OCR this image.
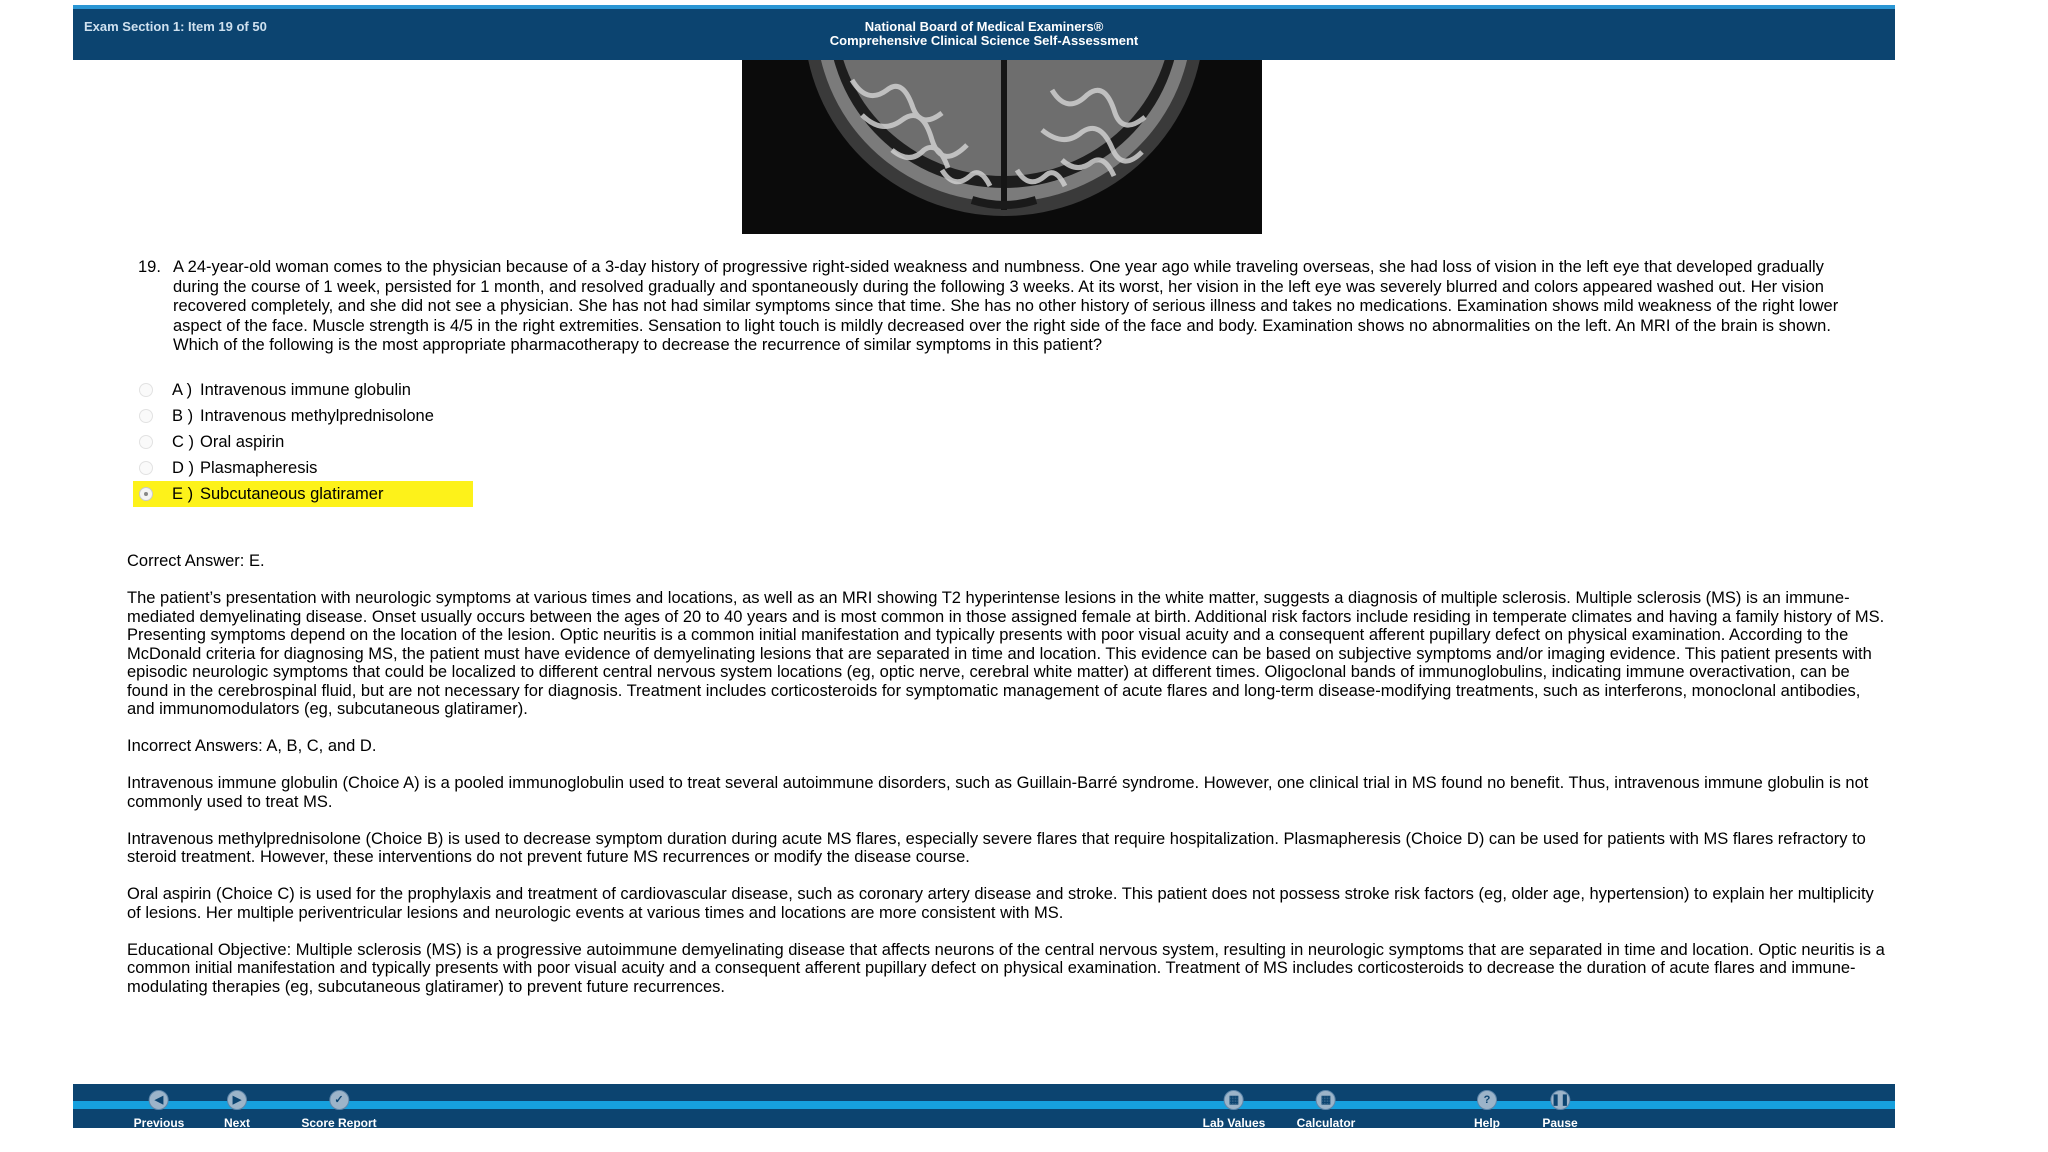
Exam Section 1: Item 19 of 50	National Board of Medical Examiners®
Comprehensive Clinical Science Self-Assessment
19. A 24-year-old woman comes to the physician because of a 3-day history of progressive right-sided weakness and numbness. One year ago while traveling overseas, she had loss of vision in the left eye that developed gradually during the course of 1 week, persisted for 1 month, and resolved gradually and spontaneously during the following 3 weeks. At its worst, her vision in the left eye was severely blurred and colors appeared washed out. Her vision recovered completely, and she did not see a physician. She has not had similar symptoms since that time. She has no other history of serious illness and takes no medications. Examination shows mild weakness of the right lower aspect of the face. Muscle strength is 4/5 in the right extremities. Sensation to light touch is mildly decreased over the right side of the face and body. Examination shows no abnormalities on the left. An MRI of the brain is shown. Which of the following is the most appropriate pharmacotherapy to decrease the recurrence of similar symptoms in this patient?
A ) Intravenous immune globulin
B ) Intravenous methylprednisolone
C ) Oral aspirin
D ) Plasmapheresis
E ) Subcutaneous glatiramer

Correct Answer: E.

The patient’s presentation with neurologic symptoms at various times and locations, as well as an MRI showing T2 hyperintense lesions in the white matter, suggests a diagnosis of multiple sclerosis. Multiple sclerosis (MS) is an immune-mediated demyelinating disease. Onset usually occurs between the ages of 20 to 40 years and is most common in those assigned female at birth. Additional risk factors include residing in temperate climates and having a family history of MS. Presenting symptoms depend on the location of the lesion. Optic neuritis is a common initial manifestation and typically presents with poor visual acuity and a consequent afferent pupillary defect on physical examination. According to the McDonald criteria for diagnosing MS, the patient must have evidence of demyelinating lesions that are separated in time and location. This evidence can be based on subjective symptoms and/or imaging evidence. This patient presents with episodic neurologic symptoms that could be localized to different central nervous system locations (eg, optic nerve, cerebral white matter) at different times. Oligoclonal bands of immunoglobulins, indicating immune overactivation, can be found in the cerebrospinal fluid, but are not necessary for diagnosis. Treatment includes corticosteroids for symptomatic management of acute flares and long-term disease-modifying treatments, such as interferons, monoclonal antibodies, and immunomodulators (eg, subcutaneous glatiramer).

Incorrect Answers: A, B, C, and D.

Intravenous immune globulin (Choice A) is a pooled immunoglobulin used to treat several autoimmune disorders, such as Guillain-Barré syndrome. However, one clinical trial in MS found no benefit. Thus, intravenous immune globulin is not commonly used to treat MS.

Intravenous methylprednisolone (Choice B) is used to decrease symptom duration during acute MS flares, especially severe flares that require hospitalization. Plasmapheresis (Choice D) can be used for patients with MS flares refractory to steroid treatment. However, these interventions do not prevent future MS recurrences or modify the disease course.

Oral aspirin (Choice C) is used for the prophylaxis and treatment of cardiovascular disease, such as coronary artery disease and stroke. This patient does not possess stroke risk factors (eg, older age, hypertension) to explain her multiplicity of lesions. Her multiple periventricular lesions and neurologic events at various times and locations are more consistent with MS.

Educational Objective: Multiple sclerosis (MS) is a progressive autoimmune demyelinating disease that affects neurons of the central nervous system, resulting in neurologic symptoms that are separated in time and location. Optic neuritis is a common initial manifestation and typically presents with poor visual acuity and a consequent afferent pupillary defect on physical examination. Treatment of MS includes corticosteroids to decrease the duration of acute flares and immune-modulating therapies (eg, subcutaneous glatiramer) to prevent future recurrences.

◀
Previous
▶
Next
✓
Score Report
▦
Lab Values
▦
Calculator
?
Help
❚❚
Pause
